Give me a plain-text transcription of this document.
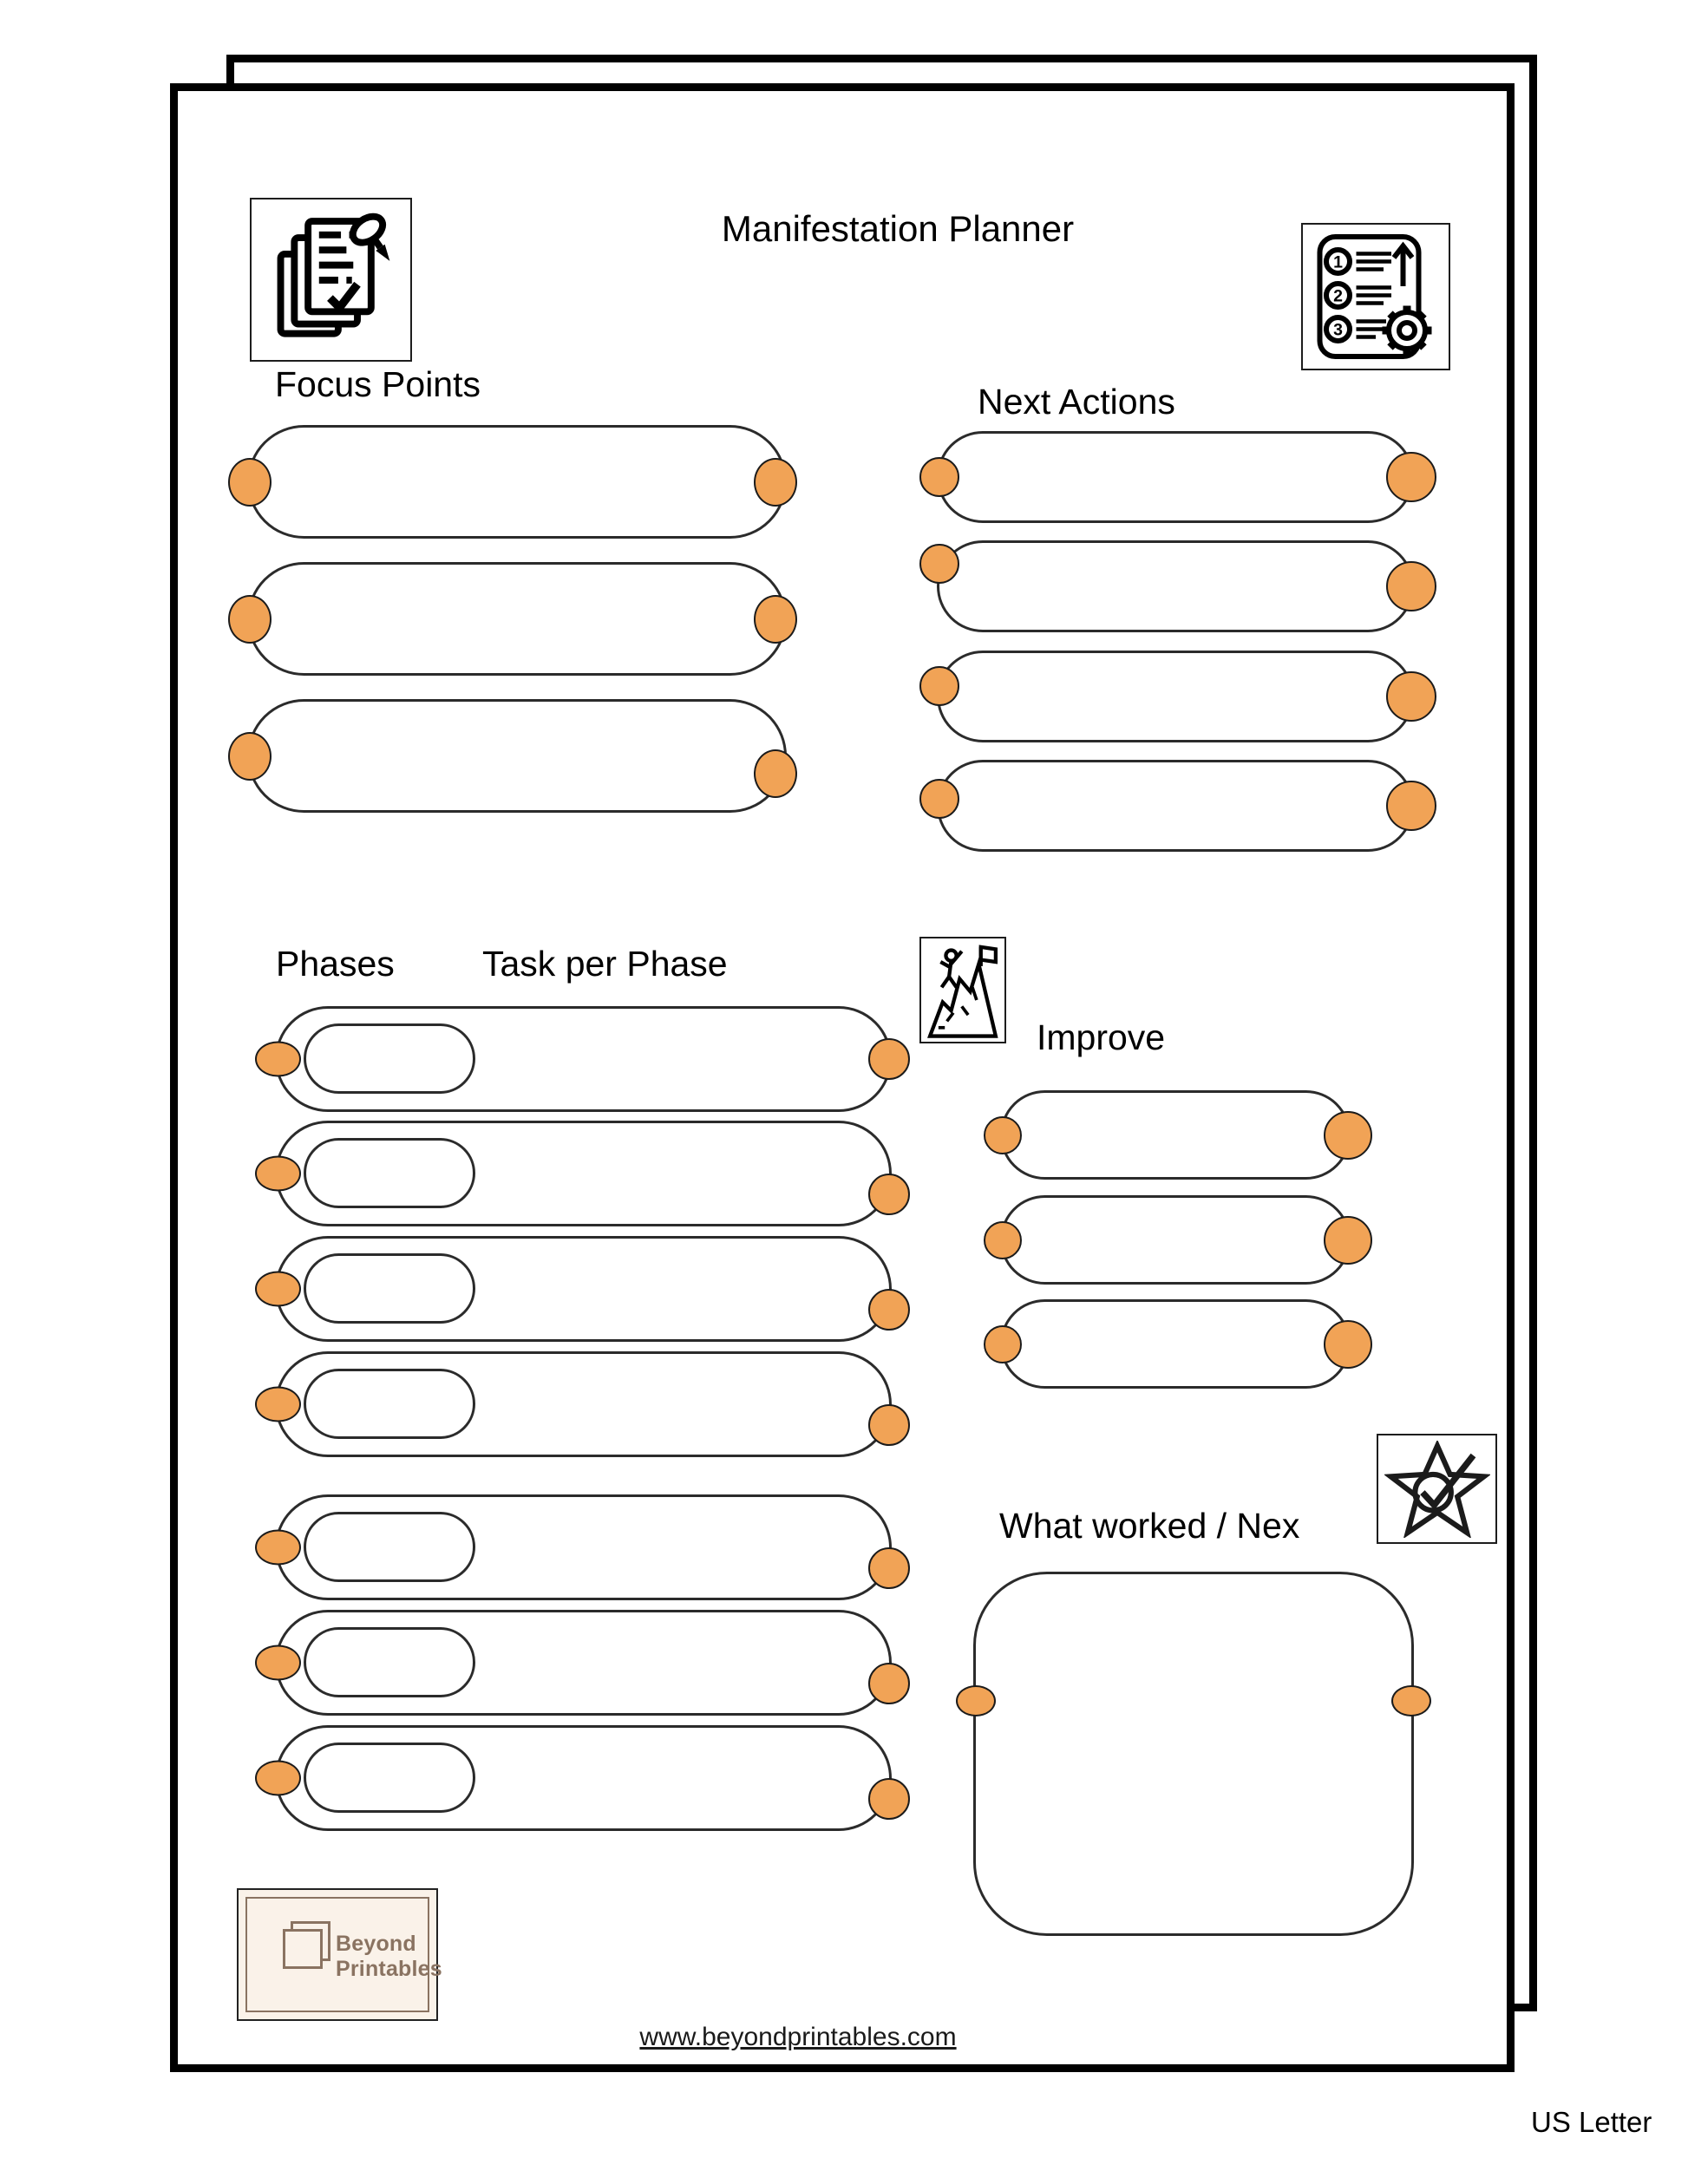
Manifestation Planner
1
2
3
Focus Points	Next Actions
Phases Task per Phase
Improve
What worked / Nex
Beyond
Printables
www.beyondprintables.com
US Letter
